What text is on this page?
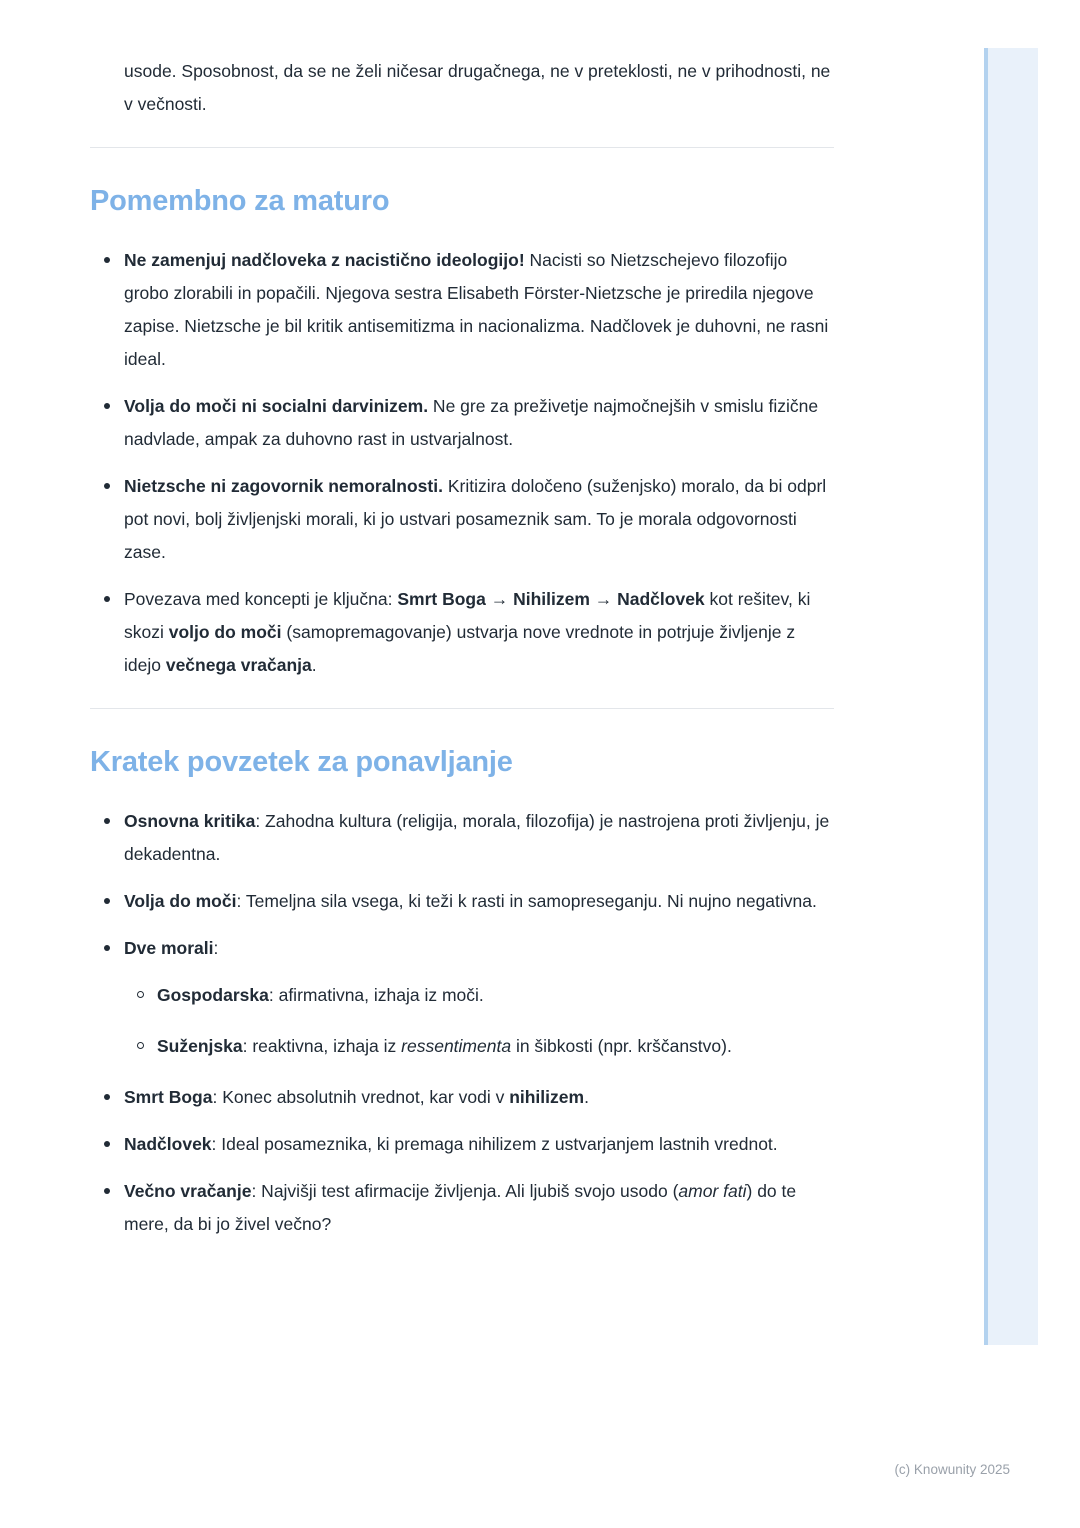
usode. Sposobnost, da se ne želi ničesar drugačnega, ne v preteklosti, ne v prihodnosti, ne v večnosti.

Pomembno za maturo
Ne zamenjuj nadčloveka z nacistično ideologijo! Nacisti so Nietzschejevo filozofijo grobo zlorabili in popačili. Njegova sestra Elisabeth Förster-Nietzsche je priredila njegove zapise. Nietzsche je bil kritik antisemitizma in nacionalizma. Nadčlovek je duhovni, ne rasni ideal.
Volja do moči ni socialni darvinizem. Ne gre za preživetje najmočnejših v smislu fizične nadvlade, ampak za duhovno rast in ustvarjalnost.
Nietzsche ni zagovornik nemoralnosti. Kritizira določeno (suženjsko) moralo, da bi odprl pot novi, bolj življenjski morali, ki jo ustvari posameznik sam. To je morala odgovornosti zase.
Povezava med koncepti je ključna: Smrt Boga → Nihilizem → Nadčlovek kot rešitev, ki skozi voljo do moči (samopremagovanje) ustvarja nove vrednote in potrjuje življenje z idejo večnega vračanja.
Kratek povzetek za ponavljanje
Osnovna kritika: Zahodna kultura (religija, morala, filozofija) je nastrojena proti življenju, je dekadentna.
Volja do moči: Temeljna sila vsega, ki teži k rasti in samopreseganju. Ni nujno negativna.
Dve morali:
Gospodarska: afirmativna, izhaja iz moči.
Suženjska: reaktivna, izhaja iz ressentimenta in šibkosti (npr. krščanstvo).
Smrt Boga: Konec absolutnih vrednot, kar vodi v nihilizem.
Nadčlovek: Ideal posameznika, ki premaga nihilizem z ustvarjanjem lastnih vrednot.
Večno vračanje: Najvišji test afirmacije življenja. Ali ljubiš svojo usodo (amor fati) do te mere, da bi jo živel večno?
(c) Knowunity 2025
